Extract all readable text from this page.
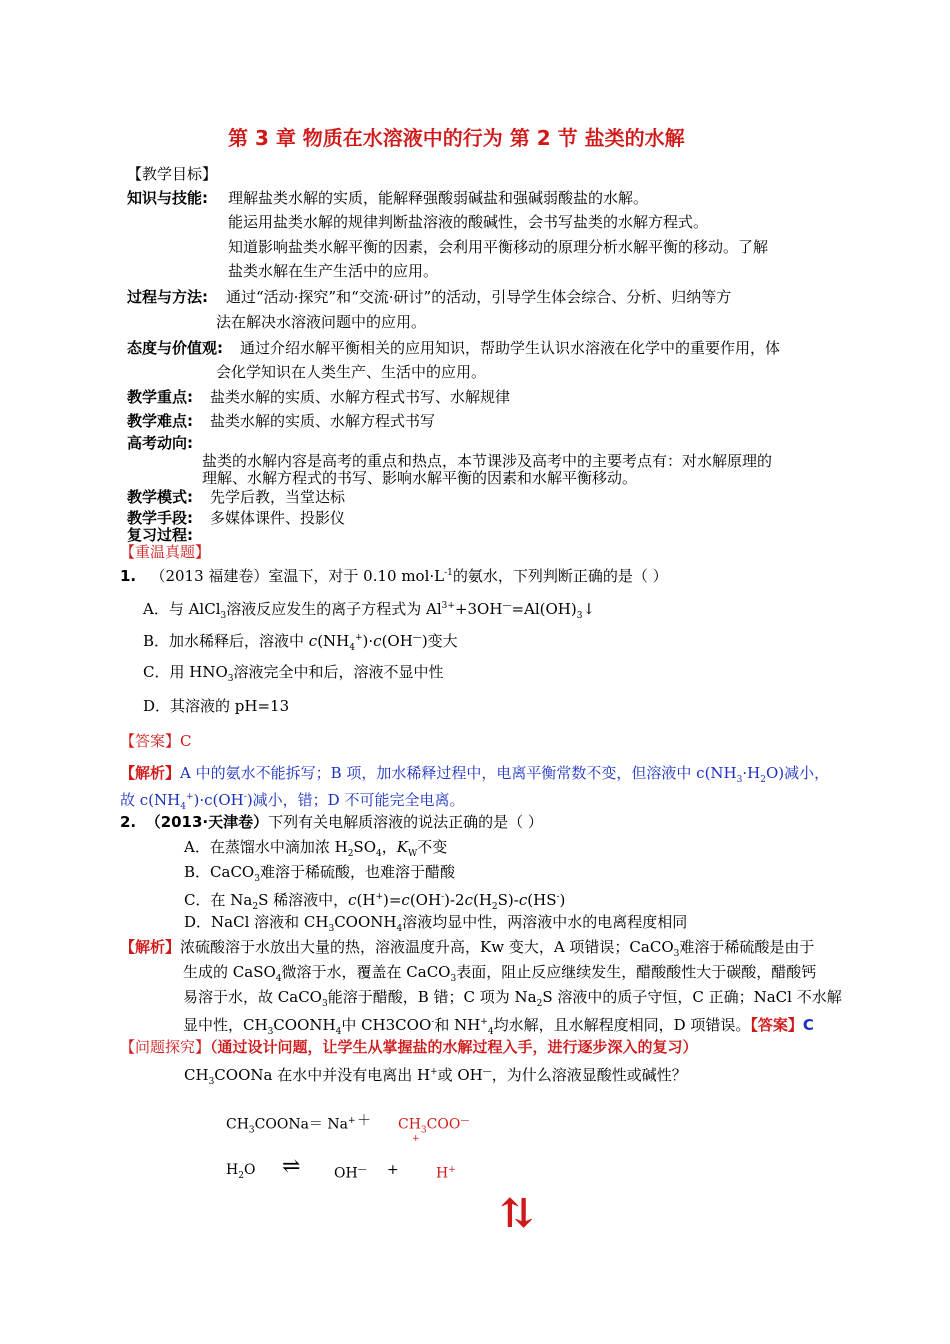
第 3 章 物质在水溶液中的行为 第 2 节 盐类的水解
【教学目标】
知识与技能: 理解盐类水解的实质，能解释强酸弱碱盐和强碱弱酸盐的水解。
能运用盐类水解的规律判断盐溶液的酸碱性，会书写盐类的水解方程式。
知道影响盐类水解平衡的因素，会利用平衡移动的原理分析水解平衡的移动。了解
盐类水解在生产生活中的应用。
过程与方法: 通过“活动·探究”和“交流·研讨”的活动，引导学生体会综合、分析、归纳等方
法在解决水溶液问题中的应用。
态度与价值观: 通过介绍水解平衡相关的应用知识，帮助学生认识水溶液在化学中的重要作用，体
会化学知识在人类生产、生活中的应用。
教学重点: 盐类水解的实质、水解方程式书写、水解规律
教学难点: 盐类水解的实质、水解方程式书写
高考动向:
盐类的水解内容是高考的重点和热点，本节课涉及高考中的主要考点有：对水解原理的
理解、水解方程式的书写、影响水解平衡的因素和水解平衡移动。
教学模式: 先学后教，当堂达标
教学手段: 多媒体课件、投影仪
复习过程:
【重温真题】
1. （2013 福建卷）室温下，对于 0.10 $mol\cdot L^{-1}$的氨水，下列判断正确的是（ ）
A．与 AlCl$_3$溶液反应发生的离子方程式为 $Al^{3+}+3OH^—=Al(OH)_3↓$
B．加水稀释后，溶液中 $c(NH_4^+)\cdot c(OH^—)$变大
C．用 $HNO_3$溶液完全中和后，溶液不显中性
D．其溶液的 pH=13
【答案】C
【解析】A 中的氨水不能拆写；B 项，加水稀释过程中，电离平衡常数不变，但溶液中 $c(NH_3\cdot H_2O)$减小，
故 $c(NH_4^+)\cdot c(OH^-)$减小，错；D 不可能完全电离。
2. （2013·天津卷）下列有关电解质溶液的说法正确的是（ ）
A．在蒸馏水中滴加浓 $H_2SO_4$，$K_W$不变
B．CaCO$_3$难溶于稀硫酸，也难溶于醋酸
C．在 $Na_2S$ 稀溶液中，$c(H^+)=c(OH^-)-2c(H_2S)-c(HS^-)$
D．NaCl 溶液和 $CH_3COONH_4$溶液均显中性，两溶液中水的电离程度相同
【解析】浓硫酸溶于水放出大量的热，溶液温度升高，Kw 变大，A 项错误；CaCO$_3$难溶于稀硫酸是由于
生成的 CaSO$_4$微溶于水，覆盖在 CaCO$_3$表面，阻止反应继续发生，醋酸酸性大于碳酸，醋酸钙
易溶于水，故 CaCO$_3$能溶于醋酸，B 错；C 项为 $Na_2S$ 溶液中的质子守恒，C 正确；NaCl 不水解
显中性，$CH_3COONH_4$中 CH3COO-和 $NH^+_4$均水解，且水解程度相同，D 项错误。【答案】C
【问题探究】（通过设计问题，让学生从掌握盐的水解过程入手，进行逐步深入的复习）
$CH_3COONa$ 在水中并没有电离出 H+或 OH—，为什么溶液显酸性或碱性？
$CH_3COONa= Na^+ + CH_3COO^—$
+
$H_2O$ ⇌ OH— +	H+
⇅
